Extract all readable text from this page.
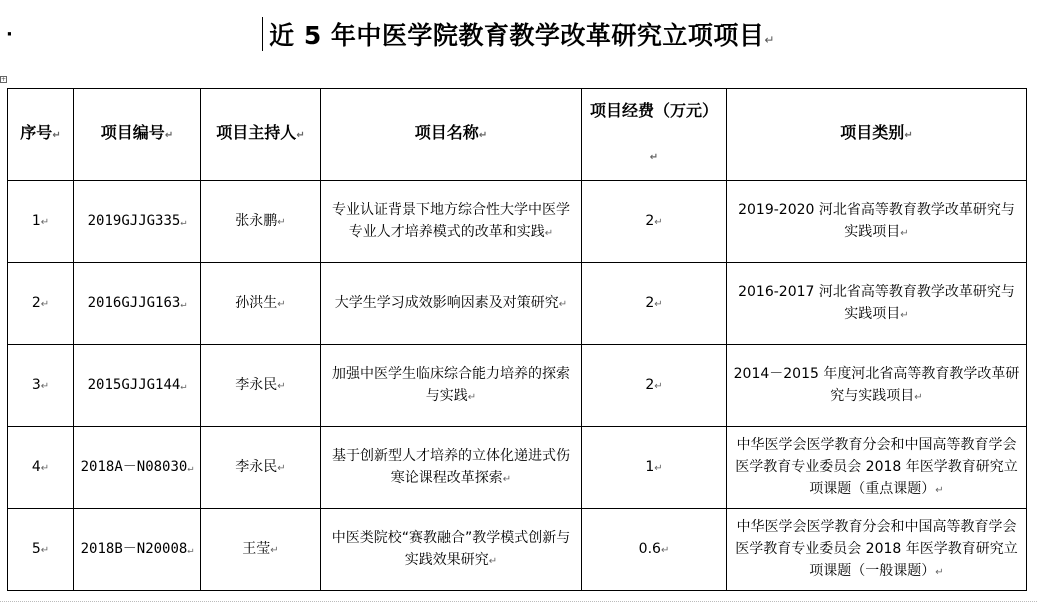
·	近 5 年中医学院教育教学改革研究立项项目↵
+
序号↵	项目编号↵	项目主持人↵	项目名称↵	项目经费（万元）↵	项目类别↵
1↵	2019GJJG335↵	张永鹏↵	专业认证背景下地方综合性大学中医学专业人才培养模式的改革和实践↵	2↵	2019-2020 河北省高等教育教学改革研究与实践项目↵
2↵	2016GJJG163↵	孙洪生↵	大学生学习成效影响因素及对策研究↵	2↵	2016-2017 河北省高等教育教学改革研究与实践项目↵
3↵	2015GJJG144↵	李永民↵	加强中医学生临床综合能力培养的探索与实践↵	2↵	2014－2015 年度河北省高等教育教学改革研究与实践项目↵
4↵	2018A－N08030↵	李永民↵	基于创新型人才培养的立体化递进式伤寒论课程改革探索↵	1↵	中华医学会医学教育分会和中国高等教育学会 医学教育专业委员会 2018 年医学教育研究立项课题（重点课题）↵
5↵	2018B－N20008↵	王莹↵	中医类院校“赛教融合”教学模式创新与实践效果研究↵	0.6↵	中华医学会医学教育分会和中国高等教育学会 医学教育专业委员会 2018 年医学教育研究立项课题（一般课题）↵
